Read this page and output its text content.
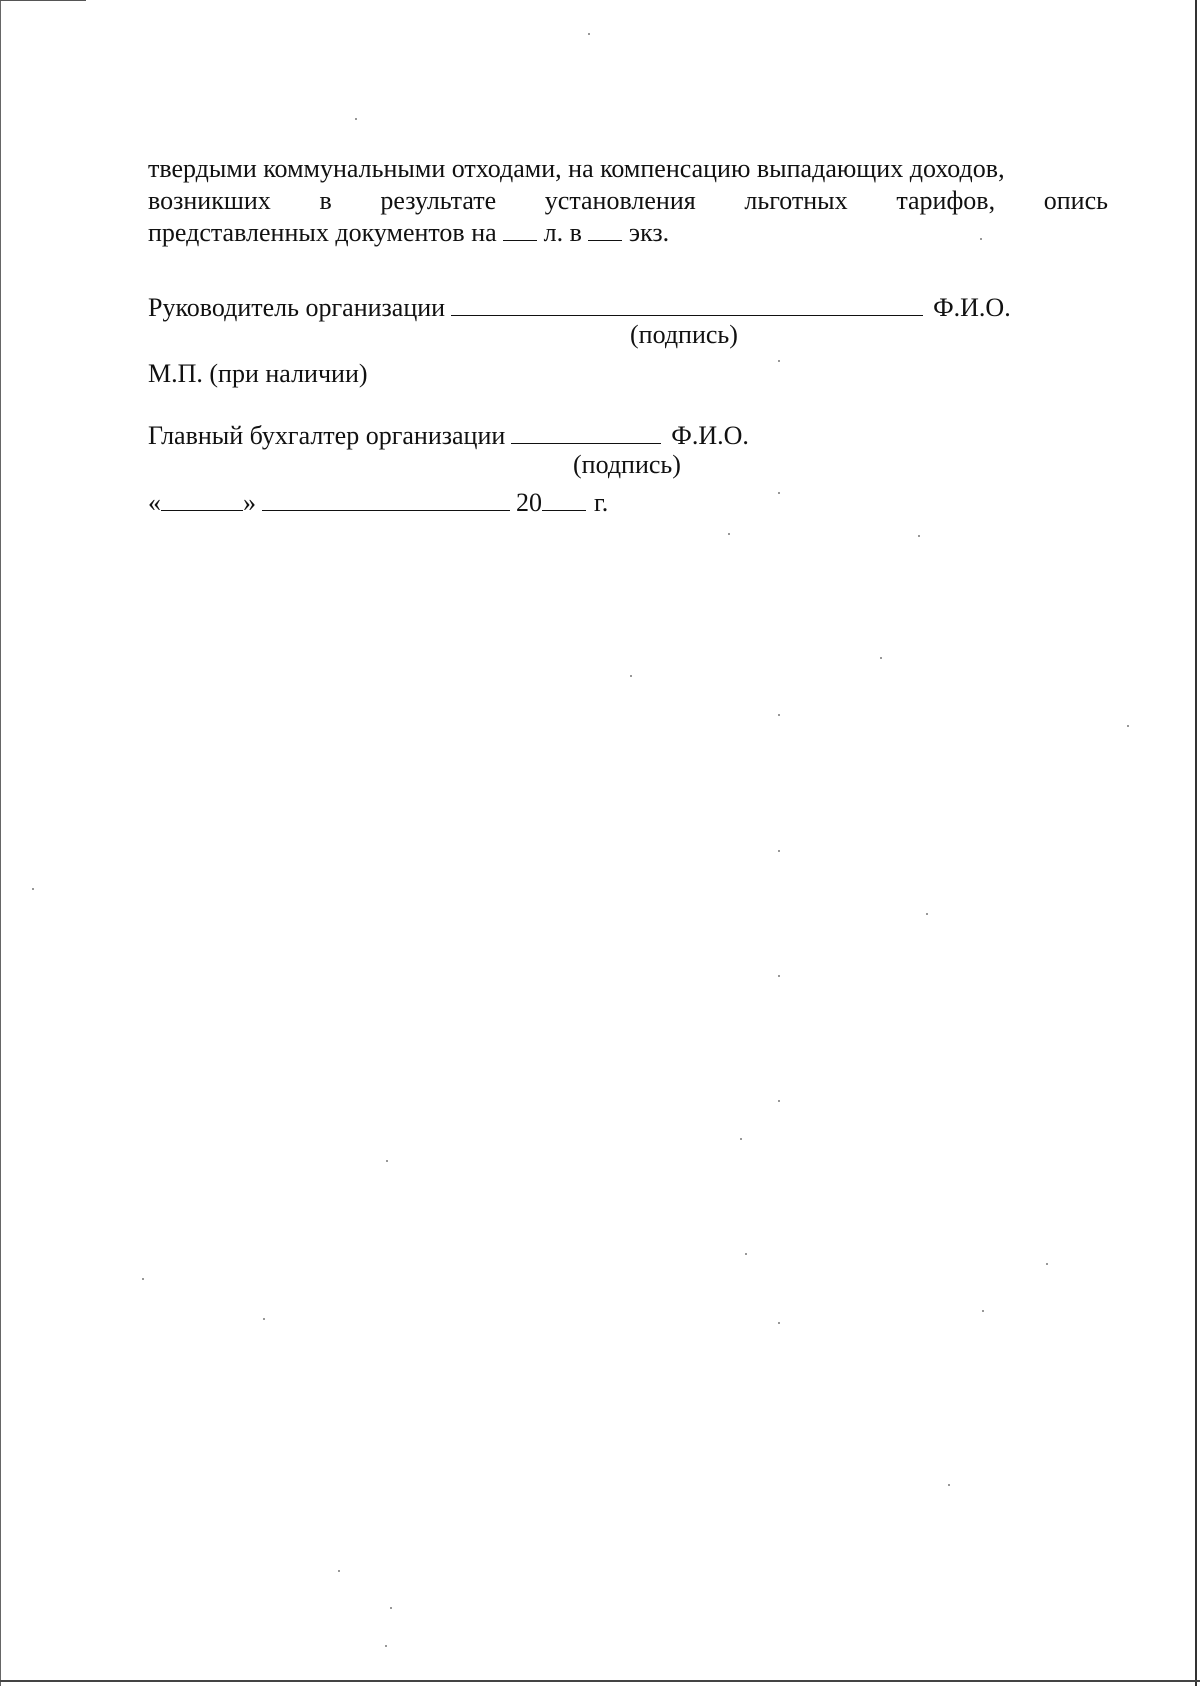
твердыми коммунальными отходами, на компенсацию выпадающих доходов,
возникших в результате установления льготных тарифов, опись
представленных документов на л. в экз.
Руководитель организации	Ф.И.О.
(подпись)
М.П. (при наличии)
Главный бухгалтер организации	Ф.И.О.
(подпись)
«	»	20 г.
